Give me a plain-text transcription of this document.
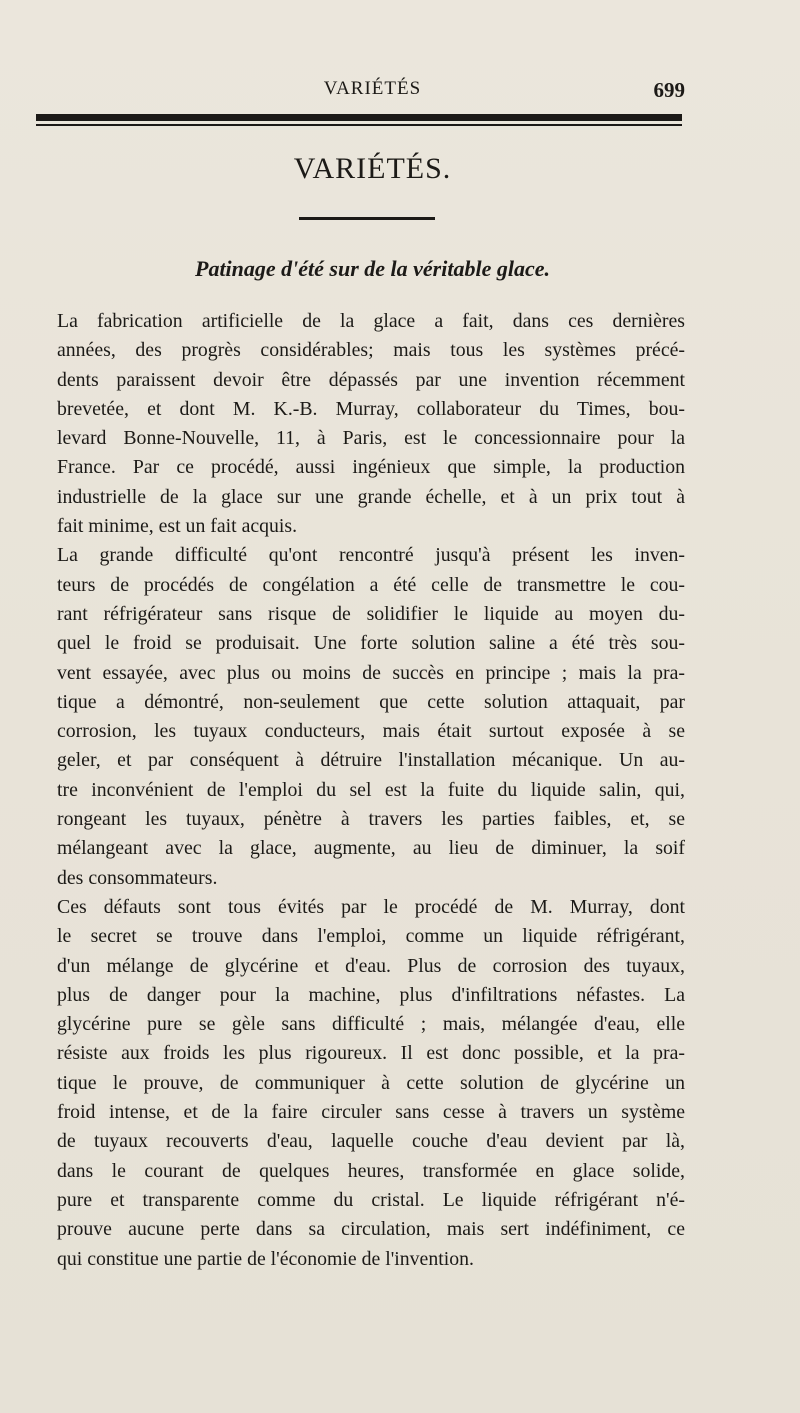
VARIÉTÉS	699
VARIÉTÉS.
Patinage d'été sur de la véritable glace.

La fabrication artificielle de la glace a fait, dans ces dernières
années, des progrès considérables; mais tous les systèmes précé-
dents paraissent devoir être dépassés par une invention récemment
brevetée, et dont M. K.-B. Murray, collaborateur du Times, bou-
levard Bonne-Nouvelle, 11, à Paris, est le concessionnaire pour la
France. Par ce procédé, aussi ingénieux que simple, la production
industrielle de la glace sur une grande échelle, et à un prix tout à
fait minime, est un fait acquis.

La grande difficulté qu'ont rencontré jusqu'à présent les inven-
teurs de procédés de congélation a été celle de transmettre le cou-
rant réfrigérateur sans risque de solidifier le liquide au moyen du-
quel le froid se produisait. Une forte solution saline a été très sou-
vent essayée, avec plus ou moins de succès en principe ; mais la pra-
tique a démontré, non-seulement que cette solution attaquait, par
corrosion, les tuyaux conducteurs, mais était surtout exposée à se
geler, et par conséquent à détruire l'installation mécanique. Un au-
tre inconvénient de l'emploi du sel est la fuite du liquide salin, qui,
rongeant les tuyaux, pénètre à travers les parties faibles, et, se
mélangeant avec la glace, augmente, au lieu de diminuer, la soif
des consommateurs.

Ces défauts sont tous évités par le procédé de M. Murray, dont
le secret se trouve dans l'emploi, comme un liquide réfrigérant,
d'un mélange de glycérine et d'eau. Plus de corrosion des tuyaux,
plus de danger pour la machine, plus d'infiltrations néfastes. La
glycérine pure se gèle sans difficulté ; mais, mélangée d'eau, elle
résiste aux froids les plus rigoureux. Il est donc possible, et la pra-
tique le prouve, de communiquer à cette solution de glycérine un
froid intense, et de la faire circuler sans cesse à travers un système
de tuyaux recouverts d'eau, laquelle couche d'eau devient par là,
dans le courant de quelques heures, transformée en glace solide,
pure et transparente comme du cristal. Le liquide réfrigérant n'é-
prouve aucune perte dans sa circulation, mais sert indéfiniment, ce
qui constitue une partie de l'économie de l'invention.
